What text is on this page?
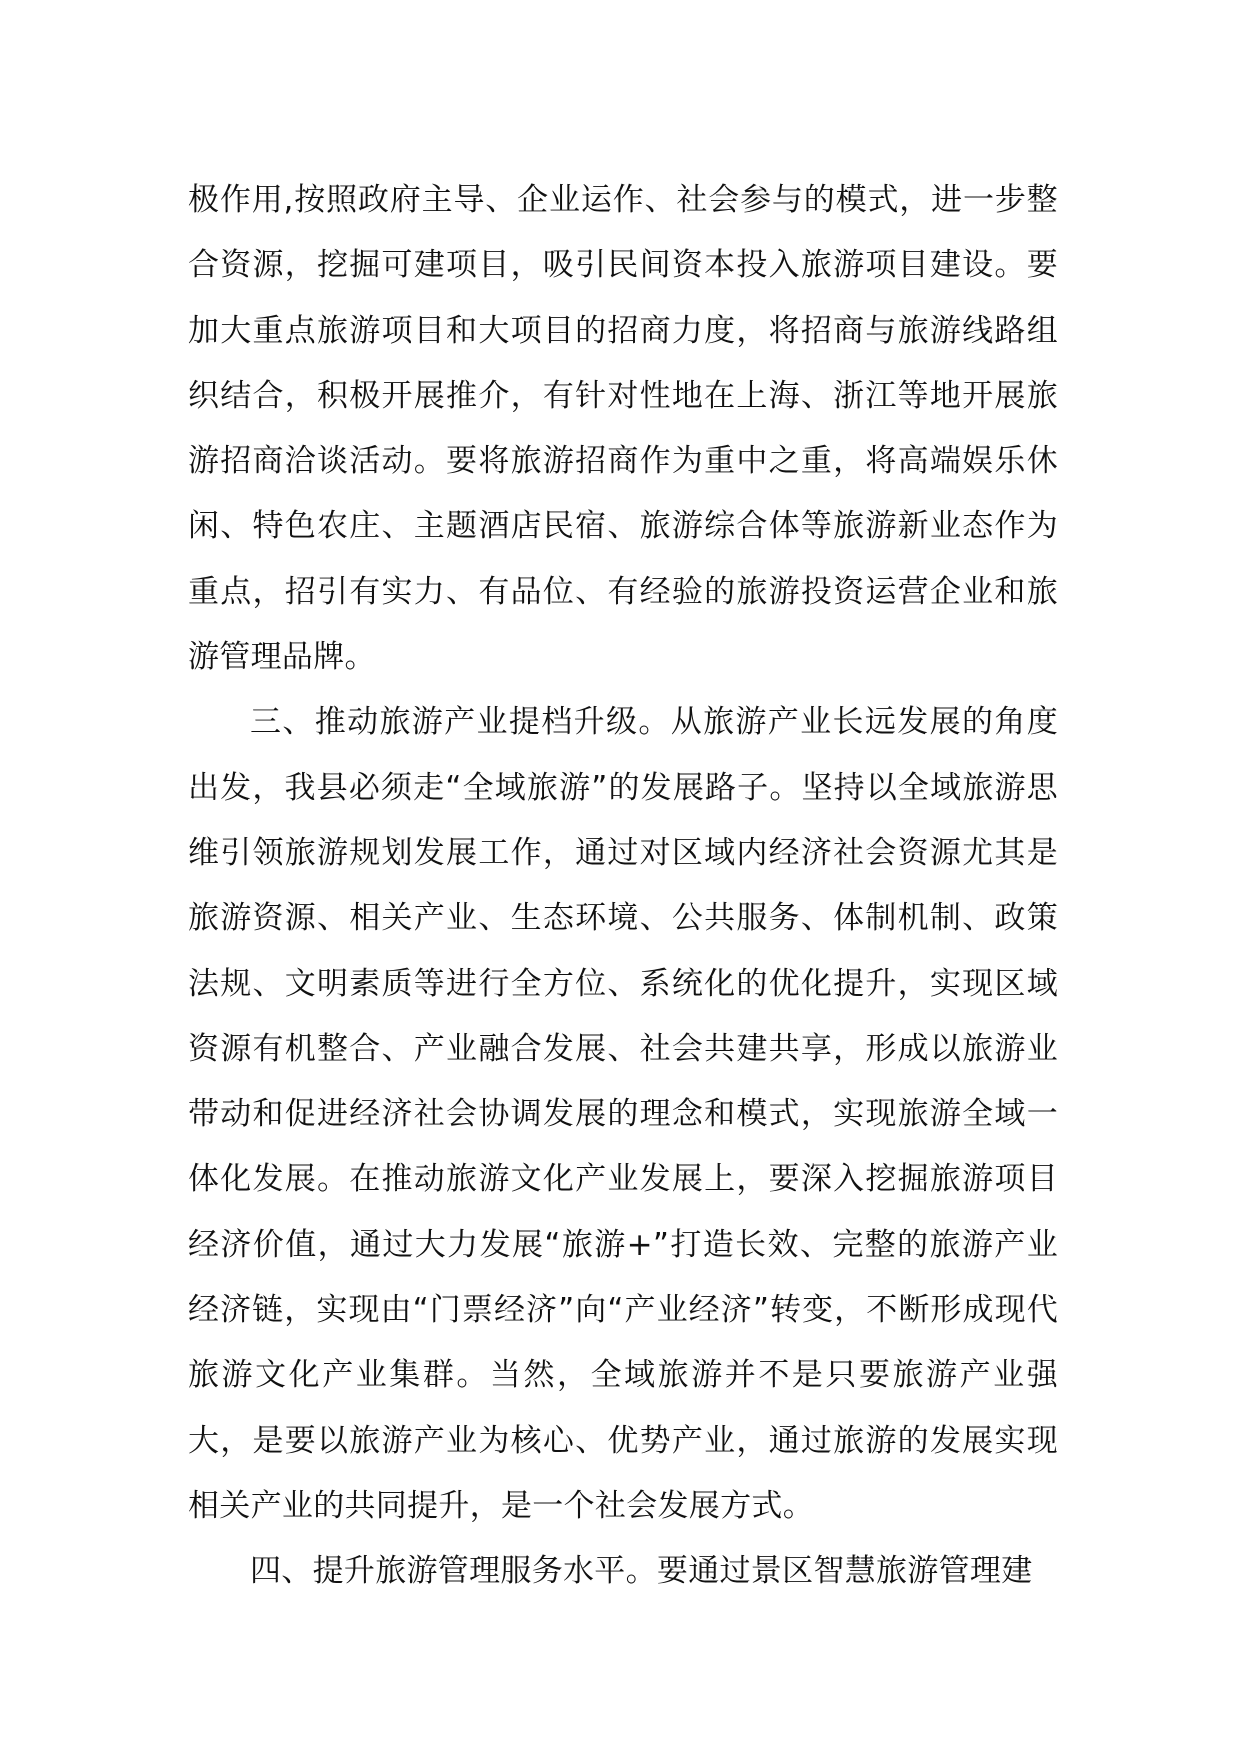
极作用,按照政府主导、企业运作、社会参与的模式，进一步整合资源，挖掘可建项目，吸引民间资本投入旅游项目建设。要加大重点旅游项目和大项目的招商力度，将招商与旅游线路组织结合，积极开展推介，有针对性地在上海、浙江等地开展旅游招商洽谈活动。要将旅游招商作为重中之重，将高端娱乐休闲、特色农庄、主题酒店民宿、旅游综合体等旅游新业态作为重点，招引有实力、有品位、有经验的旅游投资运营企业和旅游管理品牌。

三、推动旅游产业提档升级。从旅游产业长远发展的角度出发，我县必须走“全域旅游”的发展路子。坚持以全域旅游思维引领旅游规划发展工作，通过对区域内经济社会资源尤其是旅游资源、相关产业、生态环境、公共服务、体制机制、政策法规、文明素质等进行全方位、系统化的优化提升，实现区域资源有机整合、产业融合发展、社会共建共享，形成以旅游业带动和促进经济社会协调发展的理念和模式，实现旅游全域一体化发展。在推动旅游文化产业发展上，要深入挖掘旅游项目经济价值，通过大力发展“旅游+”打造长效、完整的旅游产业经济链，实现由“门票经济”向“产业经济”转变，不断形成现代旅游文化产业集群。当然，全域旅游并不是只要旅游产业强大，是要以旅游产业为核心、优势产业，通过旅游的发展实现相关产业的共同提升，是一个社会发展方式。

四、提升旅游管理服务水平。要通过景区智慧旅游管理建
